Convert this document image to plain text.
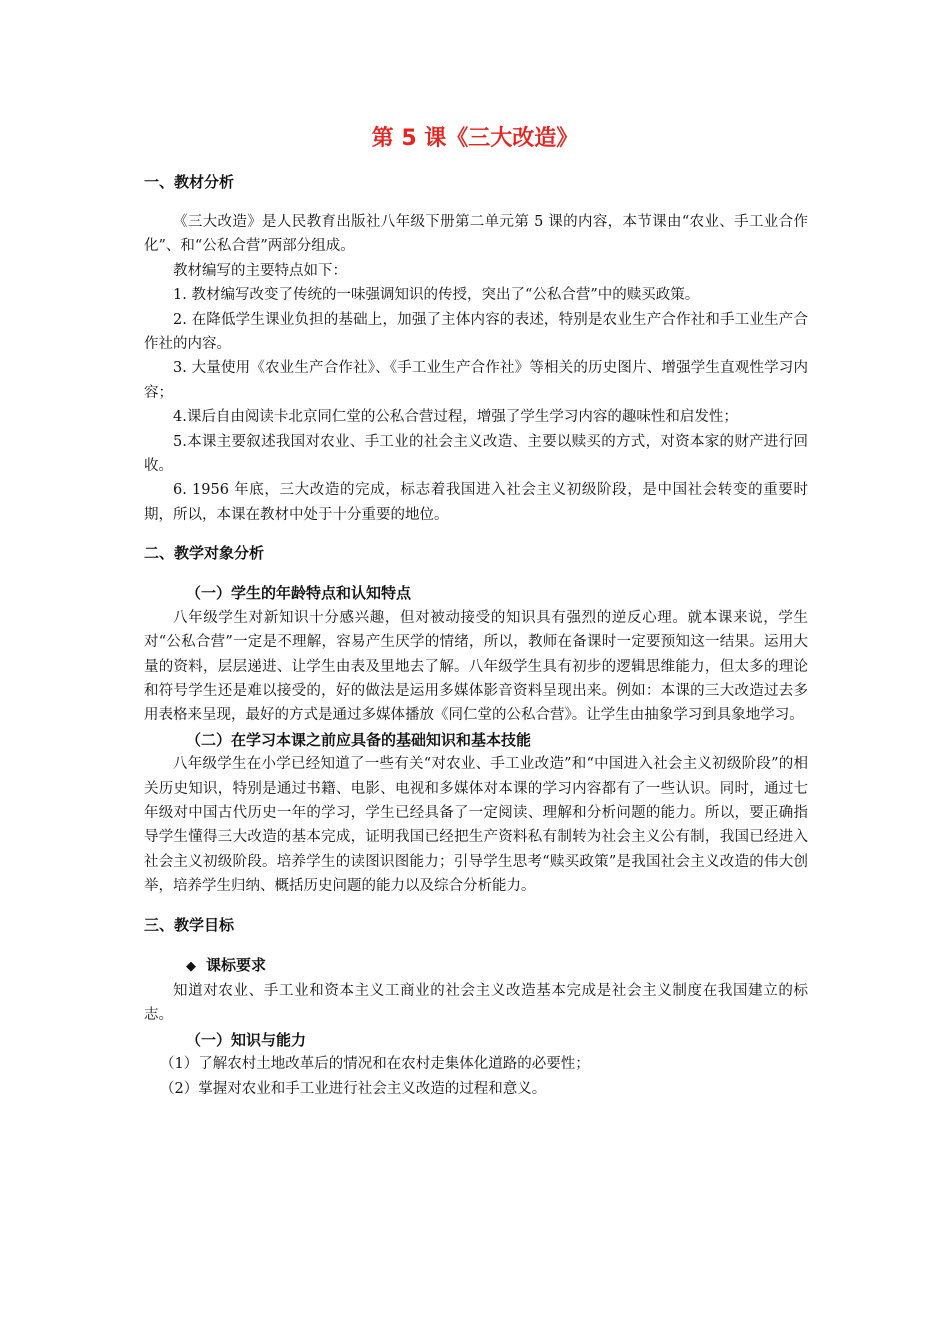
第 5 课《三大改造》

一、教材分析

《三大改造》是人民教育出版社八年级下册第二单元第 5 课的内容，本节课由“农业、手工业合作化”、和“公私合营”两部分组成。

教材编写的主要特点如下：

1. 教材编写改变了传统的一味强调知识的传授，突出了“公私合营”中的赎买政策。

2. 在降低学生课业负担的基础上，加强了主体内容的表述，特别是农业生产合作社和手工业生产合作社的内容。

3. 大量使用《农业生产合作社》、《手工业生产合作社》等相关的历史图片、增强学生直观性学习内容；

4.课后自由阅读卡北京同仁堂的公私合营过程，增强了学生学习内容的趣味性和启发性；

5.本课主要叙述我国对农业、手工业的社会主义改造、主要以赎买的方式，对资本家的财产进行回收。

6. 1956 年底，三大改造的完成，标志着我国进入社会主义初级阶段，是中国社会转变的重要时期，所以，本课在教材中处于十分重要的地位。

二、教学对象分析

（一）学生的年龄特点和认知特点

八年级学生对新知识十分感兴趣，但对被动接受的知识具有强烈的逆反心理。就本课来说，学生对“公私合营”一定是不理解，容易产生厌学的情绪，所以，教师在备课时一定要预知这一结果。运用大量的资料，层层递进、让学生由表及里地去了解。八年级学生具有初步的逻辑思维能力，但太多的理论和符号学生还是难以接受的，好的做法是运用多媒体影音资料呈现出来。例如：本课的三大改造过去多用表格来呈现，最好的方式是通过多媒体播放《同仁堂的公私合营》。让学生由抽象学习到具象地学习。

（二）在学习本课之前应具备的基础知识和基本技能

八年级学生在小学已经知道了一些有关“对农业、手工业改造”和“中国进入社会主义初级阶段”的相关历史知识，特别是通过书籍、电影、电视和多媒体对本课的学习内容都有了一些认识。同时，通过七年级对中国古代历史一年的学习，学生已经具备了一定阅读、理解和分析问题的能力。所以，要正确指导学生懂得三大改造的基本完成，证明我国已经把生产资料私有制转为社会主义公有制，我国已经进入社会主义初级阶段。培养学生的读图识图能力；引导学生思考“赎买政策”是我国社会主义改造的伟大创举，培养学生归纳、概括历史问题的能力以及综合分析能力。

三、教学目标

◆ 课标要求

知道对农业、手工业和资本主义工商业的社会主义改造基本完成是社会主义制度在我国建立的标志。

（一）知识与能力

（1）了解农村土地改革后的情况和在农村走集体化道路的必要性；

（2）掌握对农业和手工业进行社会主义改造的过程和意义。
